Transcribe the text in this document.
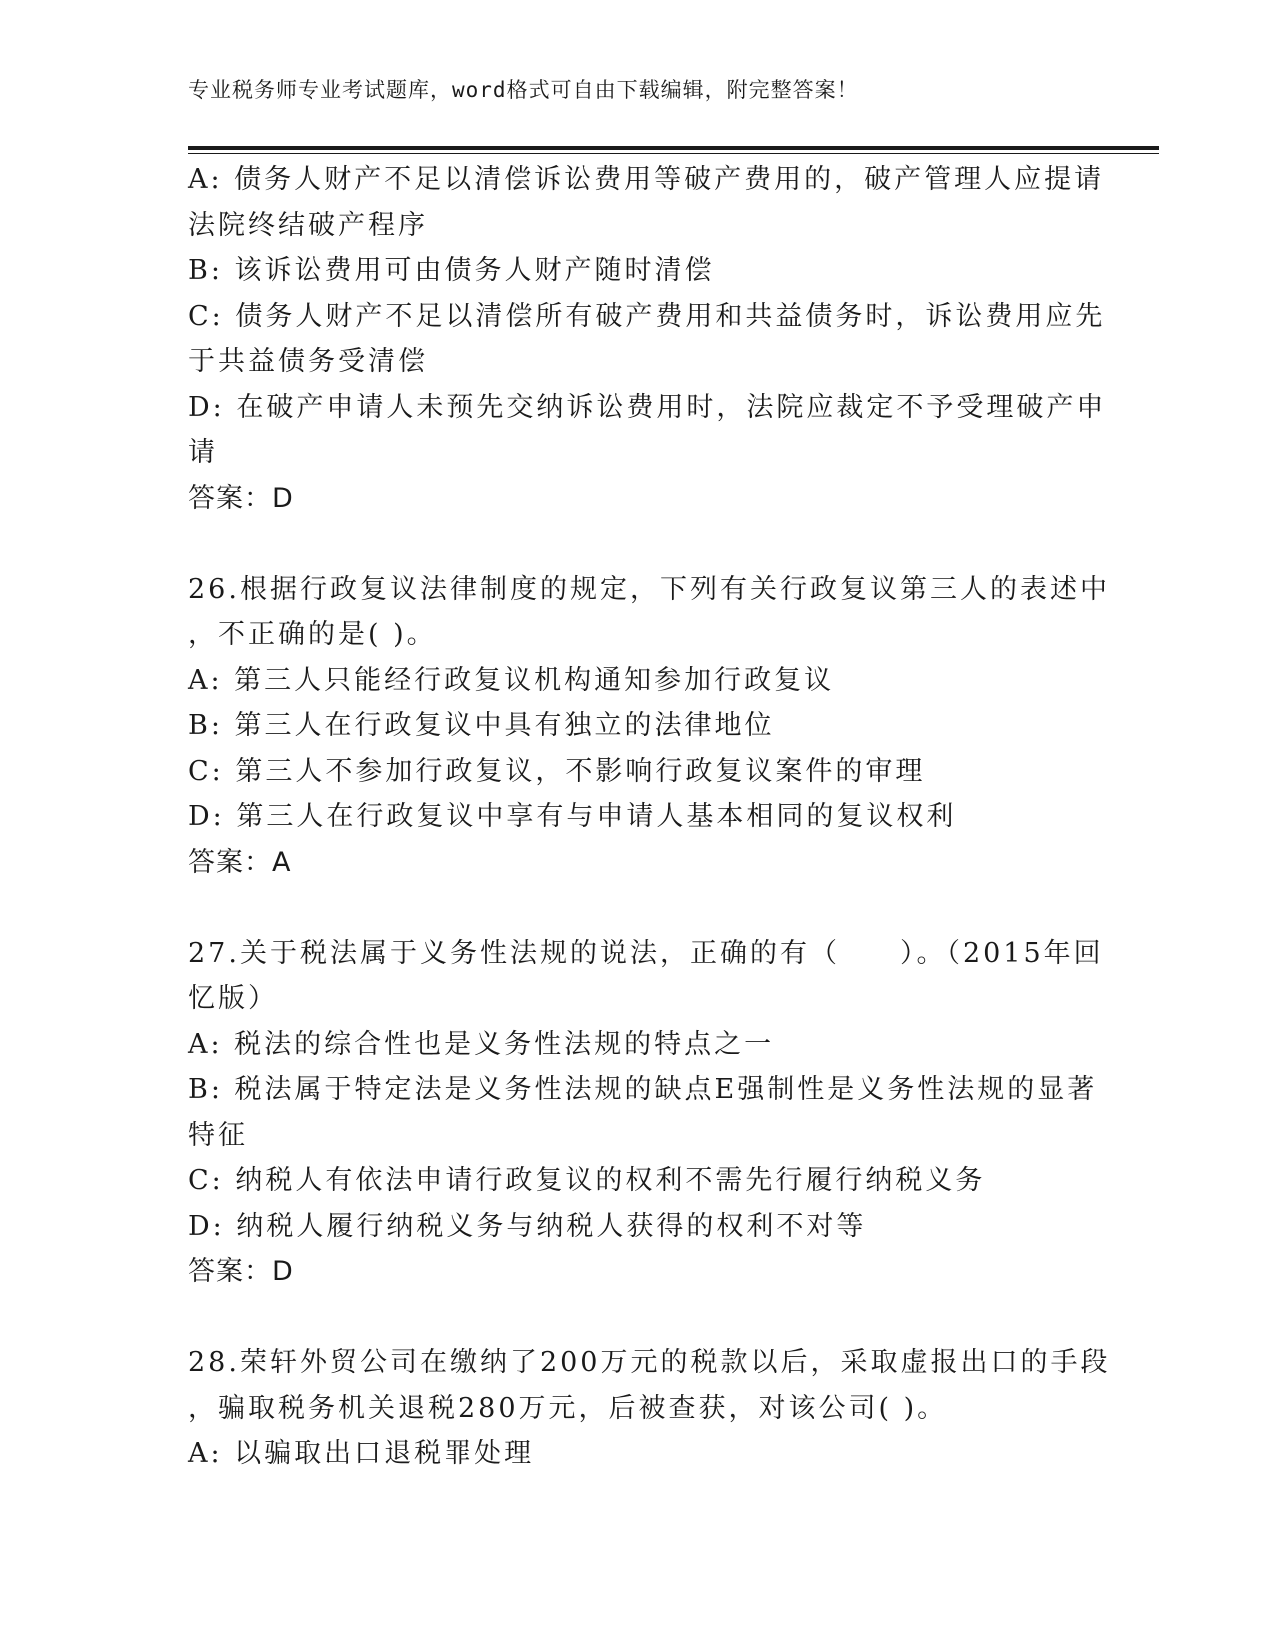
专业税务师专业考试题库，word格式可自由下载编辑，附完整答案！
A: 债务人财产不足以清偿诉讼费用等破产费用的，破产管理人应提请
法院终结破产程序
B: 该诉讼费用可由债务人财产随时清偿
C: 债务人财产不足以清偿所有破产费用和共益债务时，诉讼费用应先
于共益债务受清偿
D: 在破产申请人未预先交纳诉讼费用时，法院应裁定不予受理破产申
请
答案：D
26.根据行政复议法律制度的规定，下列有关行政复议第三人的表述中
，不正确的是( )。
A: 第三人只能经行政复议机构通知参加行政复议
B: 第三人在行政复议中具有独立的法律地位
C: 第三人不参加行政复议，不影响行政复议案件的审理
D: 第三人在行政复议中享有与申请人基本相同的复议权利
答案：A
27.关于税法属于义务性法规的说法，正确的有（　　）。（2015年回
忆版）
A: 税法的综合性也是义务性法规的特点之一
B: 税法属于特定法是义务性法规的缺点E强制性是义务性法规的显著
特征
C: 纳税人有依法申请行政复议的权利不需先行履行纳税义务
D: 纳税人履行纳税义务与纳税人获得的权利不对等
答案：D
28.荣轩外贸公司在缴纳了200万元的税款以后，采取虚报出口的手段
，骗取税务机关退税280万元，后被查获，对该公司( )。
A: 以骗取出口退税罪处理
